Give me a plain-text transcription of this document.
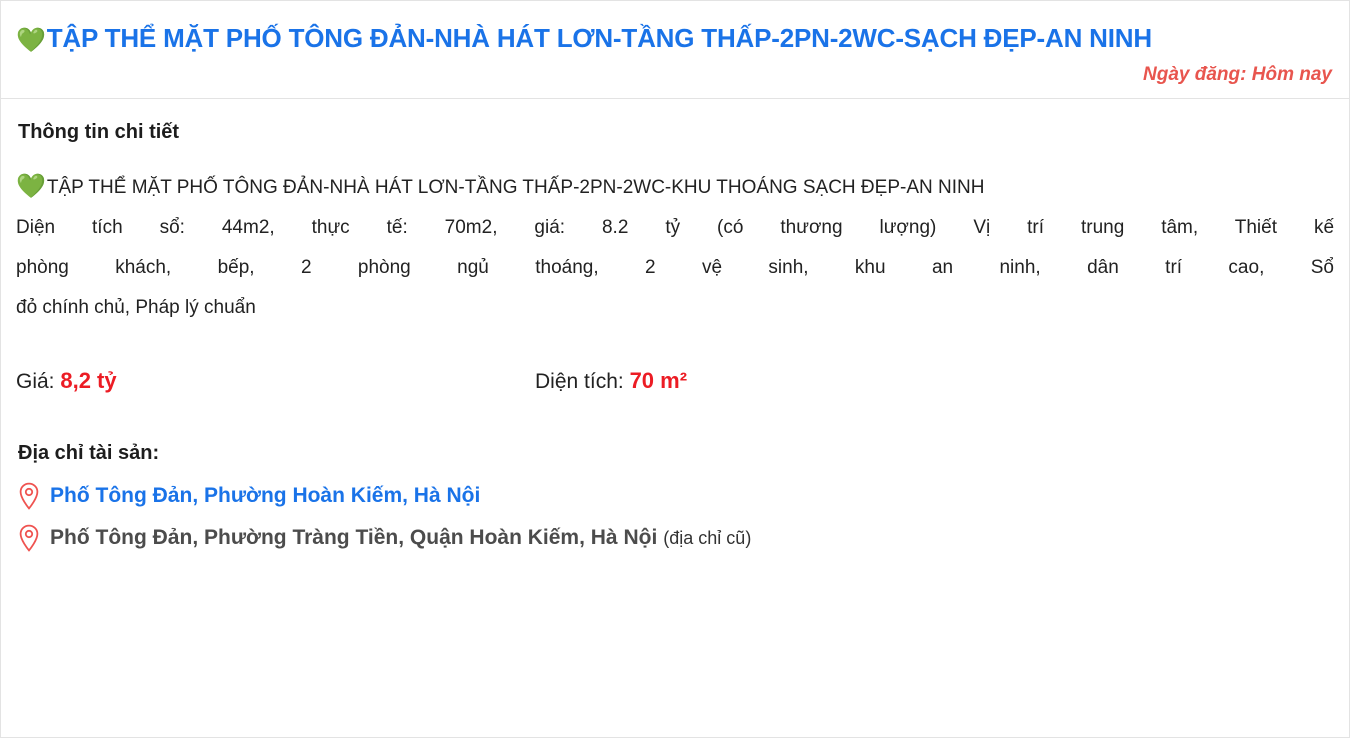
💚TẬP THỂ MẶT PHỐ TÔNG ĐẢN-NHÀ HÁT LƠN-TẦNG THẤP-2PN-2WC-SẠCH ĐẸP-AN NINH
Ngày đăng: Hôm nay
Thông tin chi tiết
💚TẬP THỂ MẶT PHỐ TÔNG ĐẢN-NHÀ HÁT LƠN-TẦNG THẤP-2PN-2WC-KHU THOÁNG SẠCH ĐẸP-AN NINH
Diện tích sổ: 44m2, thực tế: 70m2, giá: 8.2 tỷ (có thương lượng) Vị trí trung tâm, Thiết kế
phòng khách, bếp, 2 phòng ngủ thoáng, 2 vệ sinh, khu an ninh, dân trí cao, Sổ
đỏ chính chủ, Pháp lý chuẩn
Giá: 8,2 tỷ	Diện tích: 70 m²
Địa chỉ tài sản:
Phố Tông Đản, Phường Hoàn Kiếm, Hà Nội
Phố Tông Đản, Phường Tràng Tiền, Quận Hoàn Kiếm, Hà Nội (địa chỉ cũ)
